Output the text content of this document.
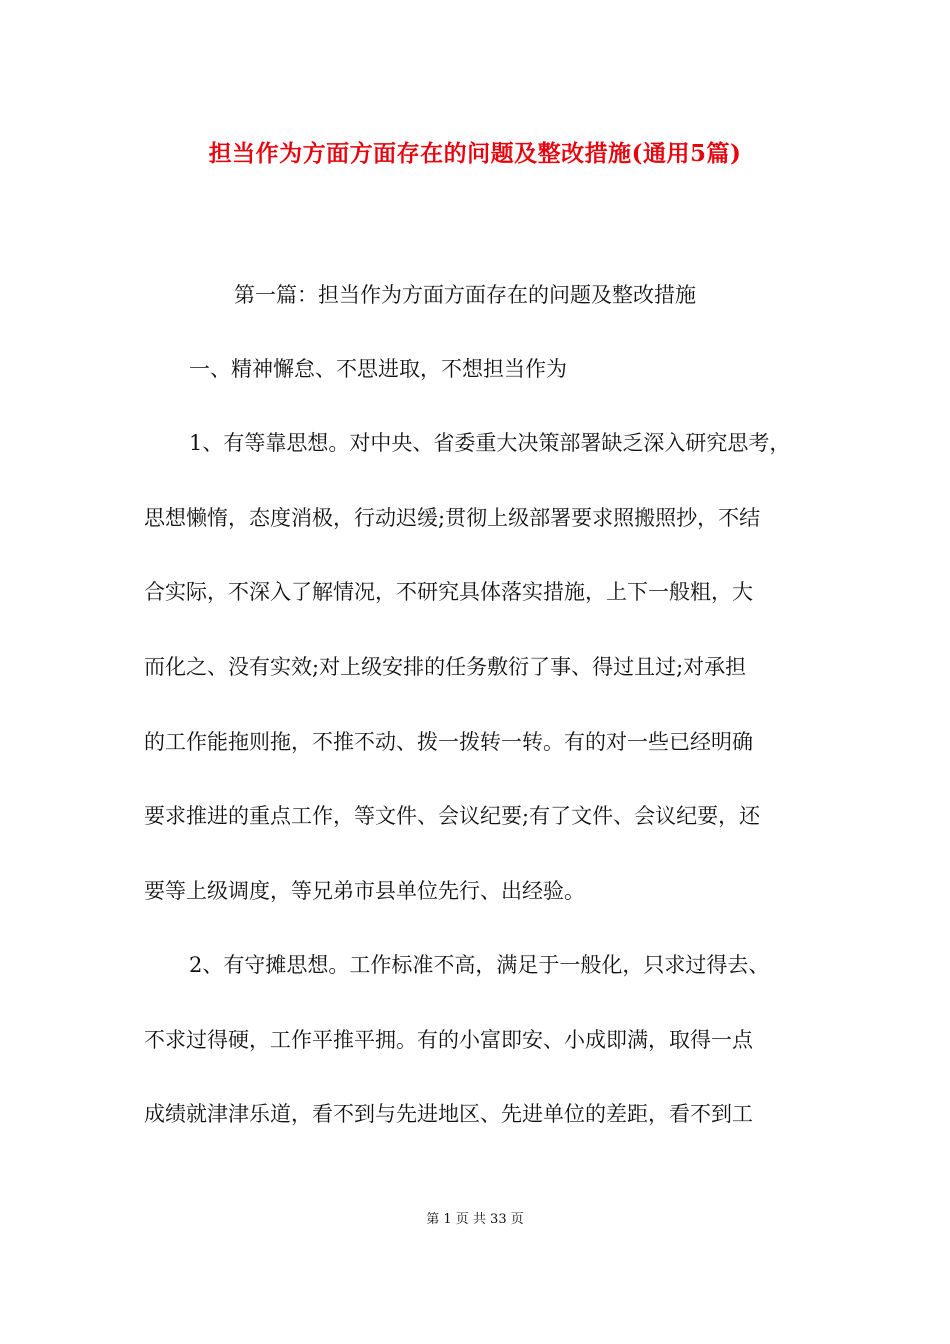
担当作为方面方面存在的问题及整改措施(通用5篇)
第一篇：担当作为方面方面存在的问题及整改措施
一、精神懈怠、不思进取，不想担当作为
1、有等靠思想。对中央、省委重大决策部署缺乏深入研究思考，
思想懒惰，态度消极，行动迟缓;贯彻上级部署要求照搬照抄，不结
合实际，不深入了解情况，不研究具体落实措施，上下一般粗，大
而化之、没有实效;对上级安排的任务敷衍了事、得过且过;对承担
的工作能拖则拖，不推不动、拨一拨转一转。有的对一些已经明确
要求推进的重点工作，等文件、会议纪要;有了文件、会议纪要，还
要等上级调度，等兄弟市县单位先行、出经验。
2、有守摊思想。工作标准不高，满足于一般化，只求过得去、
不求过得硬，工作平推平拥。有的小富即安、小成即满，取得一点
成绩就津津乐道，看不到与先进地区、先进单位的差距，看不到工
第 1 页 共 33 页
